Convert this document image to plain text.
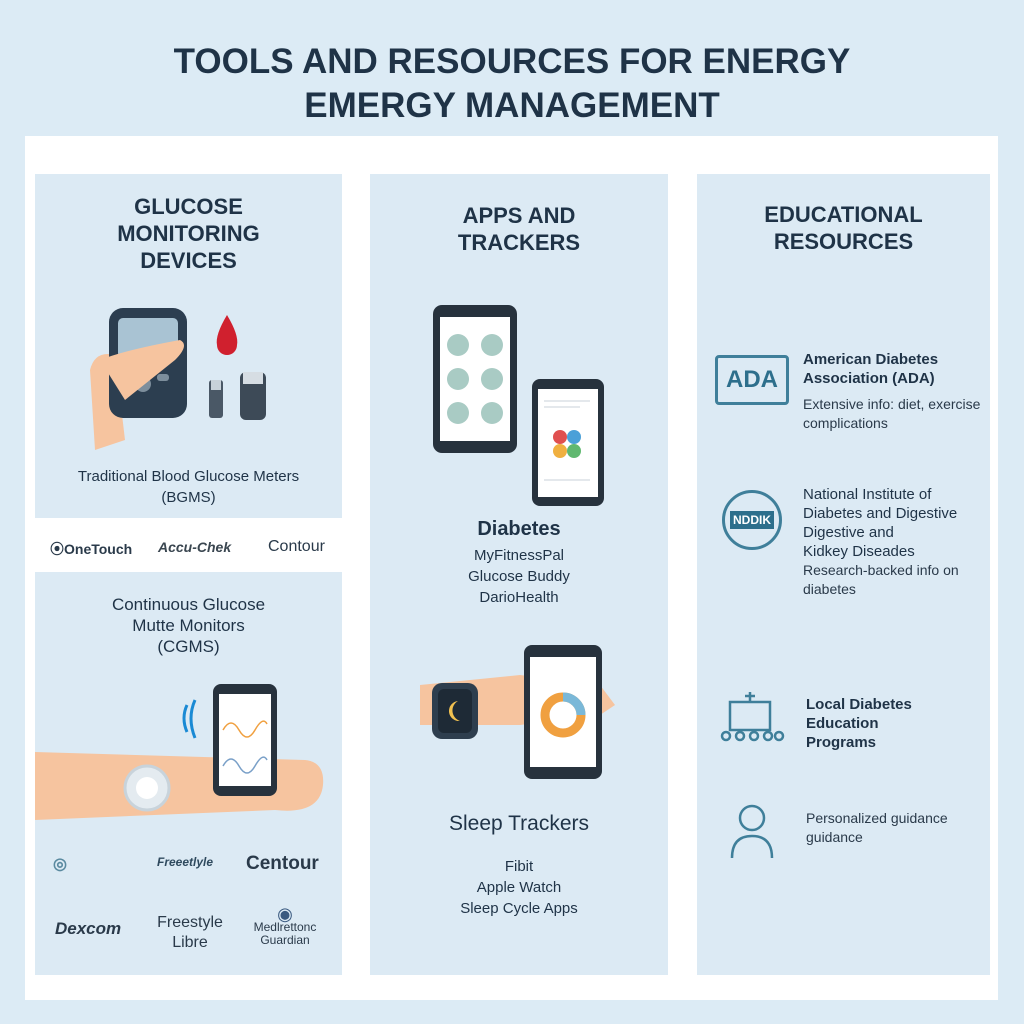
TOOLS AND RESOURCES FOR ENERGY
EMERGY MANAGEMENT
GLUCOSE
MONITORING
DEVICES
Traditional Blood Glucose Meters
(BGMS)
⦿OneTouch Accu-Chek Contour
Continuous Glucose
Mutte Monitors
(CGMS)
◎	Freeetlyle Centour
Dexcom	Freestyle
Libre
◉
Medlrettonc
Guardian
APPS AND
TRACKERS
Diabetes
MyFitnessPal
Glucose Buddy
DarioHealth
Sleep Trackers
Fibit
Apple Watch
Sleep Cycle Apps
EDUCATIONAL
RESOURCES
ADA
American Diabetes
Association (ADA)
Extensive info: diet, exercise
complications
NDDIK
National Institute of
Diabetes and Digestive
Digestive and
Kidkey Diseades
Research-backed info on
diabetes
Local Diabetes
Education
Programs
Personalized guidance
guidance
